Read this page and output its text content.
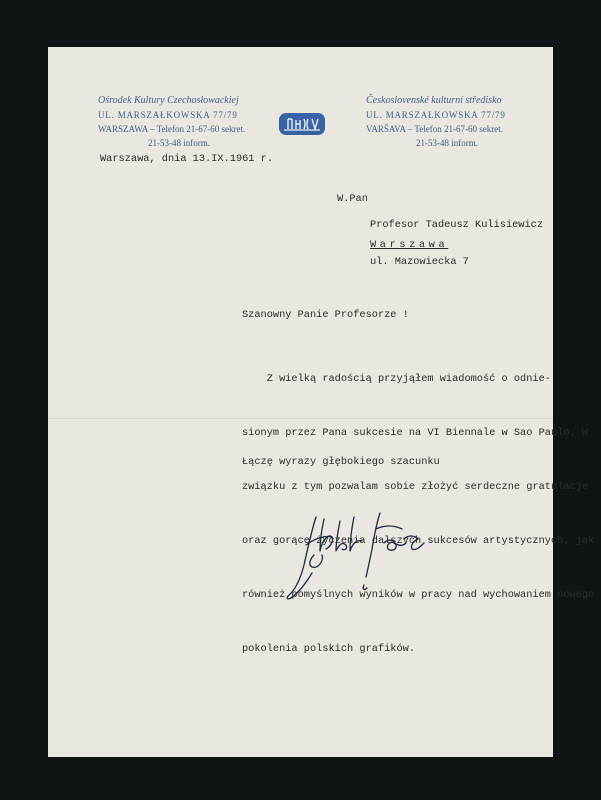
Ośrodek Kultury Czechosłowackiej
UL. MARSZAŁKOWSKA 77/79
WARSZAWA – Telefon 21-67-60 sekret.
21-53-48 inform.
Československé kulturní středisko
UL. MARSZAŁKOWSKA 77/79
VARŠAVA – Telefon 21-67-60 sekret.
21-53-48 inform.
Warszawa, dnia 13.IX.1961 r.
W.Pan
Profesor Tadeusz Kulisiewicz
Warszawa
ul. Mazowiecka 7
Szanowny Panie Profesorze !

Z wielką radością przyjąłem wiadomość o odnie-

sionym przez Pana sukcesie na VI Biennale w Sao Paulo. W

związku z tym pozwalam sobie złożyć serdeczne gratulacje

oraz gorące życzenia dalszych sukcesów artystycznych, jak

również pomyślnych wyników w pracy nad wychowaniem nowego

pokolenia polskich grafików.

Łączę wyrazy głębokiego szacunku
